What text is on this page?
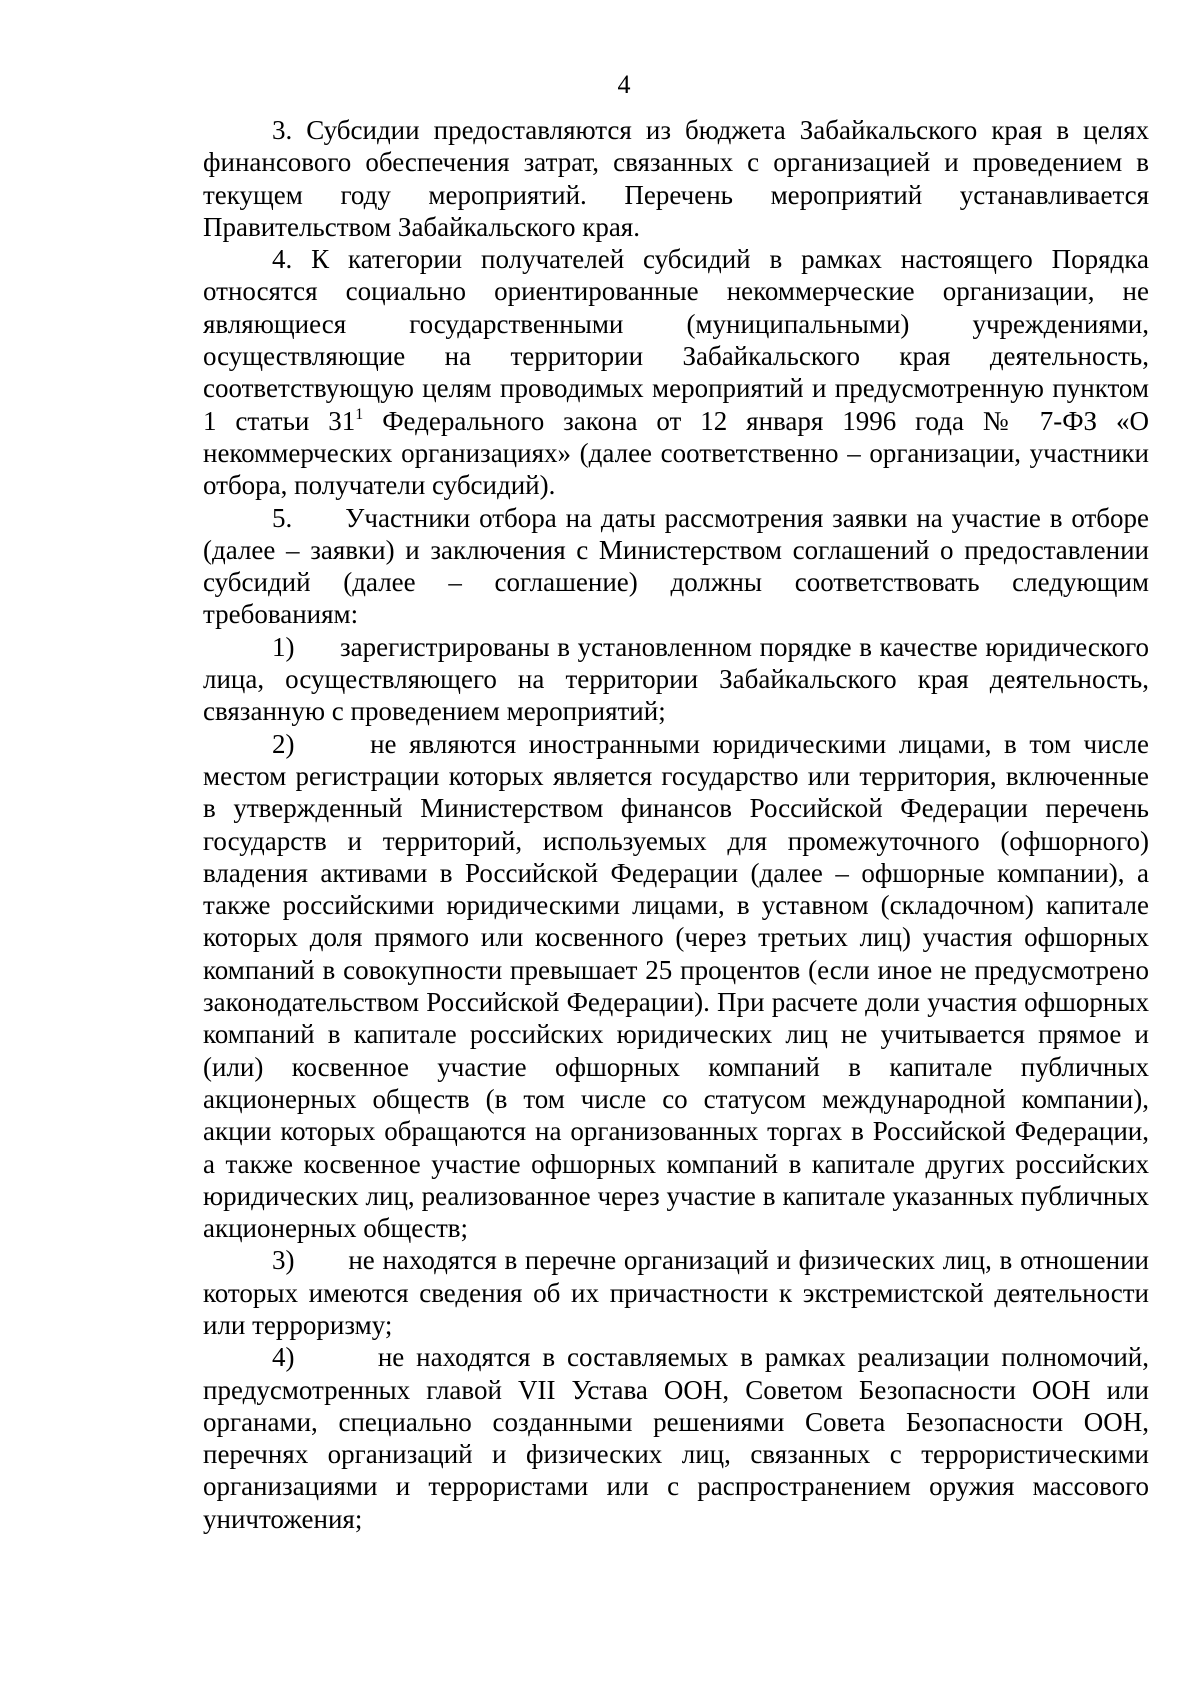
4

3. Субсидии предоставляются из бюджета Забайкальского края в целях финансового обеспечения затрат, связанных с организацией и проведением в текущем году мероприятий. Перечень мероприятий устанавливается Правительством Забайкальского края.

4. К категории получателей субсидий в рамках настоящего Порядка относятся социально ориентированные некоммерческие организации, не являющиеся государственными (муниципальными) учреждениями, осуществляющие на территории Забайкальского края деятельность, соответствующую целям проводимых мероприятий и предусмотренную пунктом 1 статьи $31^1$ Федерального закона от 12 января 1996 года № 7-ФЗ «О некоммерческих организациях» (далее соответственно – организации, участники отбора, получатели субсидий).

5.      Участники отбора на даты рассмотрения заявки на участие в отборе (далее – заявки) и заключения с Министерством соглашений о предоставлении субсидий (далее – соглашение) должны соответствовать следующим требованиям:

1)      зарегистрированы в установленном порядке в качестве юридического лица, осуществляющего на территории Забайкальского края деятельность, связанную с проведением мероприятий;

2)      не являются иностранными юридическими лицами, в том числе местом регистрации которых является государство или территория, включенные в утвержденный Министерством финансов Российской Федерации перечень государств и территорий, используемых для промежуточного (офшорного) владения активами в Российской Федерации (далее – офшорные компании), а также российскими юридическими лицами, в уставном (складочном) капитале которых доля прямого или косвенного (через третьих лиц) участия офшорных компаний в совокупности превышает 25 процентов (если иное не предусмотрено законодательством Российской Федерации). При расчете доли участия офшорных компаний в капитале российских юридических лиц не учитывается прямое и (или) косвенное участие офшорных компаний в капитале публичных акционерных обществ (в том числе со статусом международной компании), акции которых обращаются на организованных торгах в Российской Федерации, а также косвенное участие офшорных компаний в капитале других российских юридических лиц, реализованное через участие в капитале указанных публичных акционерных обществ;

3)       не находятся в перечне организаций и физических лиц, в отношении которых имеются сведения об их причастности к экстремистской деятельности или терроризму;

4)       не находятся в составляемых в рамках реализации полномочий, предусмотренных главой VII Устава ООН, Советом Безопасности ООН или органами, специально созданными решениями Совета Безопасности ООН, перечнях организаций и физических лиц, связанных с террористическими организациями и террористами или с распространением оружия массового уничтожения;
